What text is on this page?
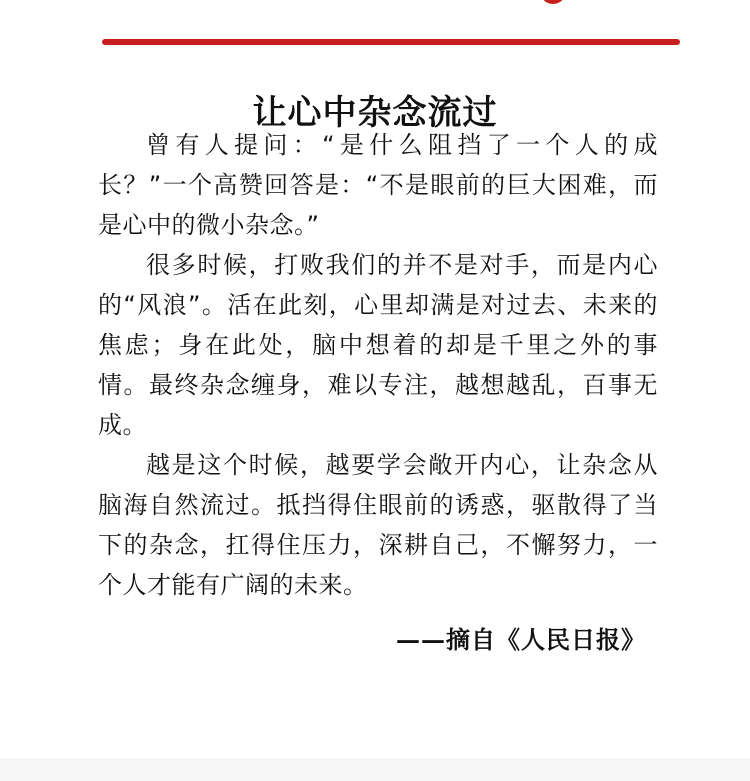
让心中杂念流过

曾有人提问：“是什么阻挡了一个人的成长？”一个高赞回答是：“不是眼前的巨大困难，而是心中的微小杂念。”

很多时候，打败我们的并不是对手，而是内心的“风浪”。活在此刻，心里却满是对过去、未来的焦虑；身在此处，脑中想着的却是千里之外的事情。最终杂念缠身，难以专注，越想越乱，百事无成。

越是这个时候，越要学会敞开内心，让杂念从脑海自然流过。抵挡得住眼前的诱惑，驱散得了当下的杂念，扛得住压力，深耕自己，不懈努力，一个人才能有广阔的未来。

——摘自《人民日报》
